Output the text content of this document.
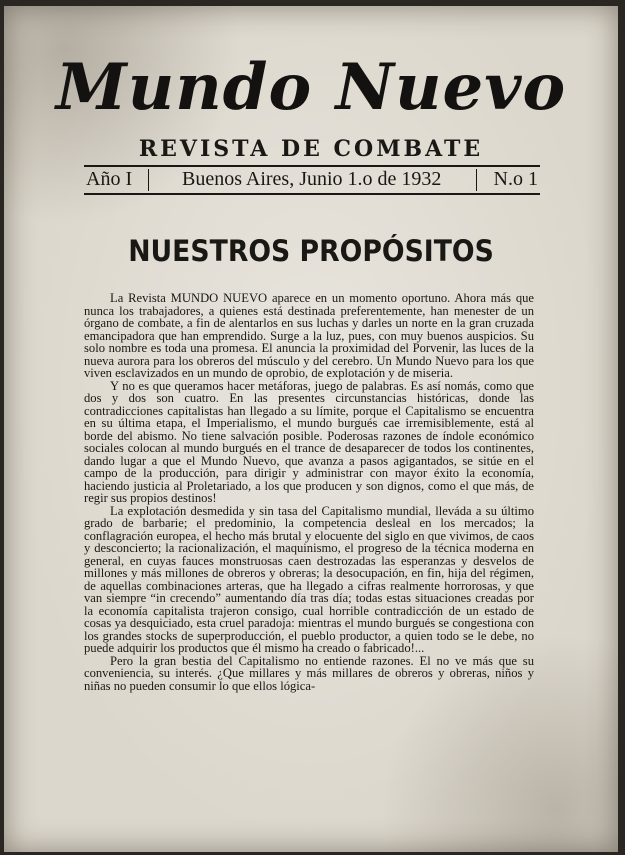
Mundo Nuevo
REVISTA DE COMBATE
Año I Buenos Aires, Junio 1.o de 1932	N.o 1
NUESTROS PROPÓSITOS

La Revista MUNDO NUEVO aparece en un momento oportuno. Ahora más que nunca los trabajadores, a quienes está destinada preferentemente, han menester de un órgano de combate, a fin de alentarlos en sus luchas y darles un norte en la gran cruzada emancipadora que han emprendido. Surge a la luz, pues, con muy buenos auspicios. Su solo nombre es toda una promesa. El anuncia la proximidad del Porvenir, las luces de la nueva aurora para los obreros del músculo y del cerebro. Un Mundo Nuevo para los que viven esclavizados en un mundo de oprobio, de explotación y de miseria.

Y no es que queramos hacer metáforas, juego de palabras. Es así nomás, como que dos y dos son cuatro. En las presentes circunstancias históricas, donde las contradicciones capitalistas han llegado a su límite, porque el Capitalismo se encuentra en su última etapa, el Imperialismo, el mundo burgués cae irremisiblemente, está al borde del abismo. No tiene salvación posible. Poderosas razones de índole económico sociales colocan al mundo burgués en el trance de desaparecer de todos los continentes, dando lugar a que el Mundo Nuevo, que avanza a pasos agigantados, se sitúe en el campo de la producción, para dirigir y administrar con mayor éxito la economía, haciendo justicia al Proletariado, a los que producen y son dignos, como el que más, de regir sus propios destinos!

La explotación desmedida y sin tasa del Capitalismo mundial, lleváda a su último grado de barbarie; el predominio, la competencia desleal en los mercados; la conflagración europea, el hecho más brutal y elocuente del siglo en que vivimos, de caos y desconcierto; la racionalización, el maquinismo, el progreso de la técnica moderna en general, en cuyas fauces monstruosas caen destrozadas las esperanzas y desvelos de millones y más millones de obreros y obreras; la desocupación, en fin, hija del régimen, de aquellas combinaciones arteras, que ha llegado a cifras realmente horrorosas, y que van siempre “in crecendo” aumentando día tras día; todas estas situaciones creadas por la economía capitalista trajeron consigo, cual horrible contradicción de un estado de cosas ya desquiciado, esta cruel paradoja: mientras el mundo burgués se congestiona con los grandes stocks de superproducción, el pueblo productor, a quien todo se le debe, no puede adquirir los productos que él mismo ha creado o fabricado!...

Pero la gran bestia del Capitalismo no entiende razones. El no ve más que su conveniencia, su interés. ¿Que millares y más millares de obreros y obreras, niños y niñas no pueden consumir lo que ellos lógica-
